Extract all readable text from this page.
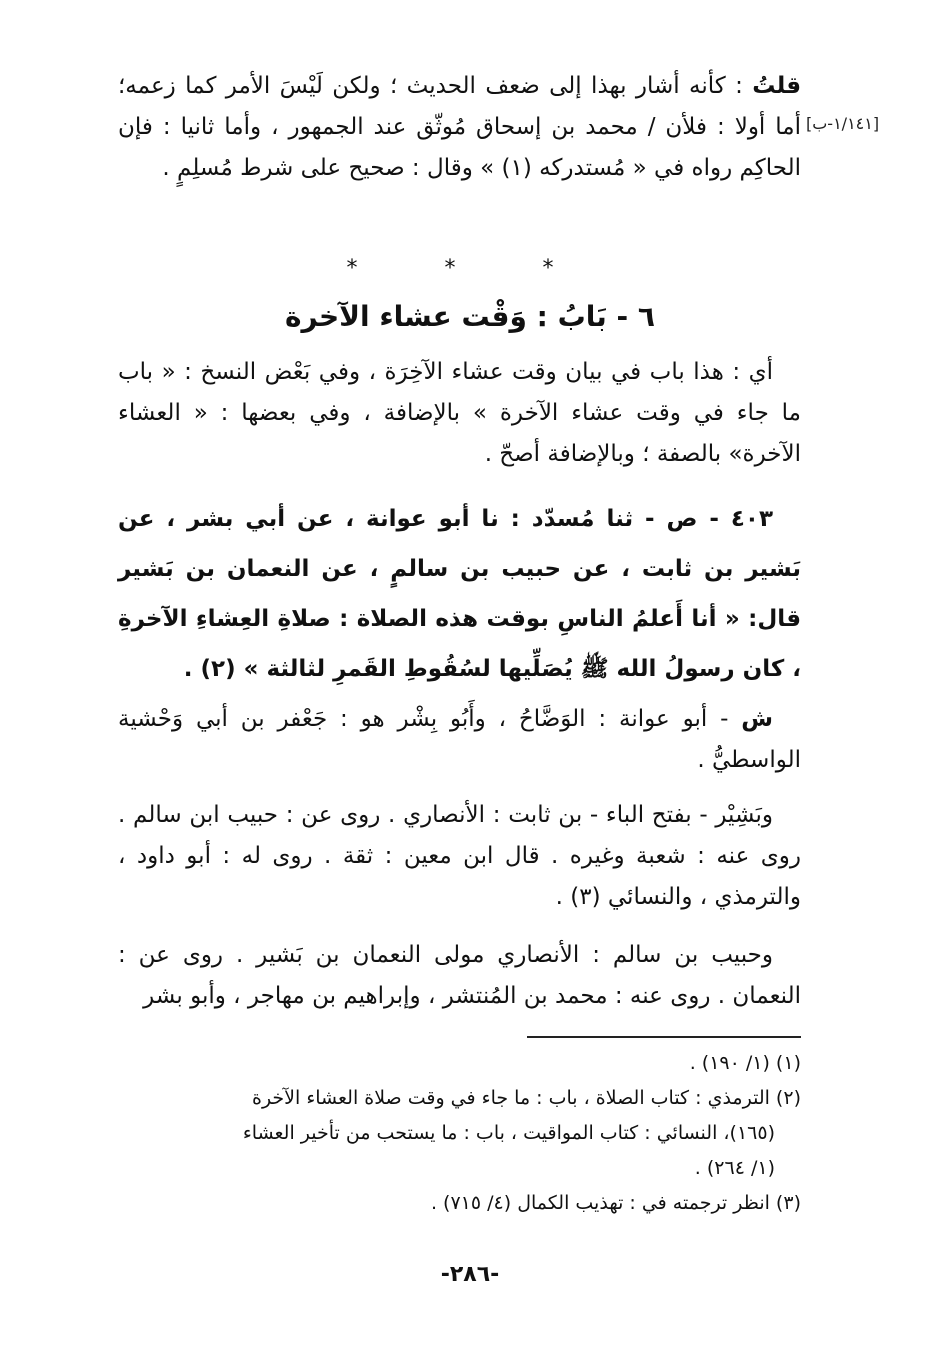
قلتُ : كأنه أشار بهذا إلى ضعف الحديث ؛ ولكن لَيْسَ الأمر كما زعمه؛ أما أولا : فلأن / محمد بن إسحاق مُوثّق عند الجمهور ، وأما ثانيا : فإن الحاكِم رواه في « مُستدركه (١) » وقال : صحيح على شرط مُسلِمٍ .

[١/١٤١-ب]
* * *
٦ - بَابُ : وَقْت عشاء الآخرة

أي : هذا باب في بيان وقت عشاء الآخِرَة ، وفي بَعْض النسخ : « باب ما جاء في وقت عشاء الآخرة » بالإضافة ، وفي بعضها : « العشاء الآخرة» بالصفة ؛ وبالإضافة أصحّ .

٤٠٣ - ص - ثنا مُسدّد : نا أبو عوانة ، عن أبي بشر ، عن بَشير بن ثابت ، عن حبيب بن سالمٍ ، عن النعمان بن بَشير قال: « أنا أَعلمُ الناسِ بوقت هذه الصلاة : صلاةِ العِشاءِ الآخرةِ ، كان رسولُ الله ﷺ يُصَلِّيها لسُقُوطِ القَمرِ لثالثة » (٢) .

ش - أبو عوانة : الوَضَّاحُ ، وأَبُو بِشْر هو : جَعْفر بن أبي وَحْشية الواسطيُّ .

وبَشِيْر - بفتح الباء - بن ثابت : الأنصاري . روى عن : حبيب ابن سالم . روى عنه : شعبة وغيره . قال ابن معين : ثقة . روى له : أبو داود ، والترمذي ، والنسائي (٣) .

وحبيب بن سالم : الأنصاري مولى النعمان بن بَشير . روى عن : النعمان . روى عنه : محمد بن المُنتشر ، وإبراهيم بن مهاجر ، وأبو بشر

(١) (١/ ١٩٠) .

(٢) الترمذي : كتاب الصلاة ، باب : ما جاء في وقت صلاة العشاء الآخرة

(١٦٥)، النسائي : كتاب المواقيت ، باب : ما يستحب من تأخير العشاء

(١/ ٢٦٤) .

(٣) انظر ترجمته في : تهذيب الكمال (٤/ ٧١٥) .

-٢٨٦-
